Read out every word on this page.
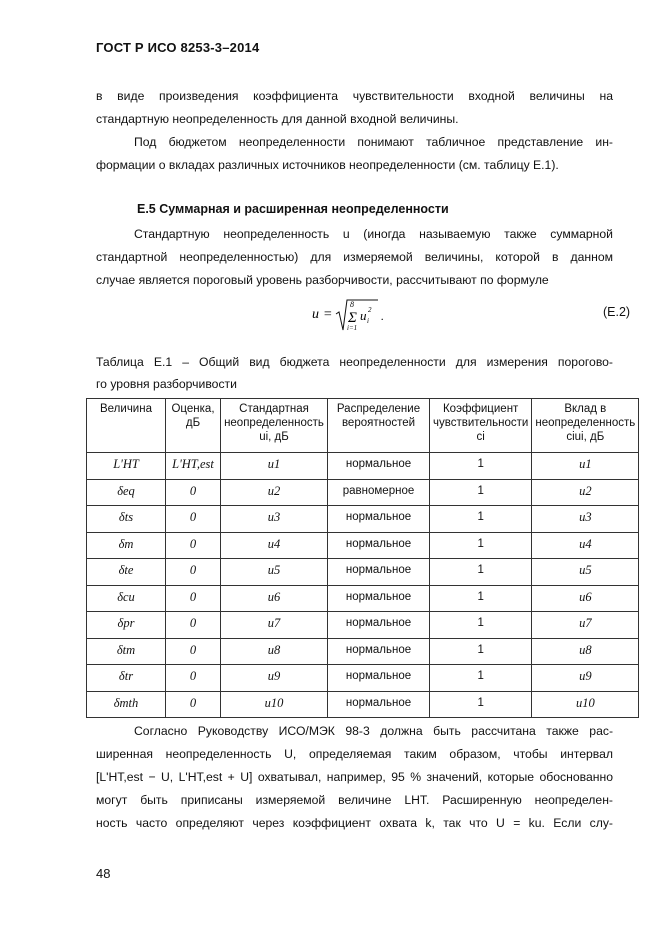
ГОСТ Р ИСО 8253-3–2014
в виде произведения коэффициента чувствительности входной величины на
стандартную неопределенность для данной входной величины.
Под бюджетом неопределенности понимают табличное представление ин-
формации о вкладах различных источников неопределенности (см. таблицу Е.1).
Е.5 Суммарная и расширенная неопределенности
Стандартную неопределенность u (иногда называемую также суммарной
стандартной неопределенностью) для измеряемой величины, которой в данном
случае является пороговый уровень разборчивости, рассчитывают по формуле
u =
8
Σ
i=1
u i
2 .	(Е.2)
Таблица Е.1 – Общий вид бюджета неопределенности для измерения порогово-
го уровня разборчивости
Величина	Оценка, дБ	Стандартная неопределенность ui, дБ	Распределение вероятностей	Коэффициент чувствительности ci	Вклад в неопределенность ciui, дБ
L'HT	L'HT,est	u1	нормальное	1	u1
δeq	0	u2	равномерное	1	u2
δts	0	u3	нормальное	1	u3
δm	0	u4	нормальное	1	u4
δte	0	u5	нормальное	1	u5
δcu	0	u6	нормальное	1	u6
δpr	0	u7	нормальное	1	u7
δtm	0	u8	нормальное	1	u8
δtr	0	u9	нормальное	1	u9
δmth	0	u10	нормальное	1	u10
Согласно Руководству ИСО/МЭК 98-3 должна быть рассчитана также рас-
ширенная неопределенность U, определяемая таким образом, чтобы интервал
[L'HT,est − U, L'HT,est + U] охватывал, например, 95 % значений, которые обоснованно
могут быть приписаны измеряемой величине LHT. Расширенную неопределен-
ность часто определяют через коэффициент охвата k, так что U = ku. Если слу-
48
